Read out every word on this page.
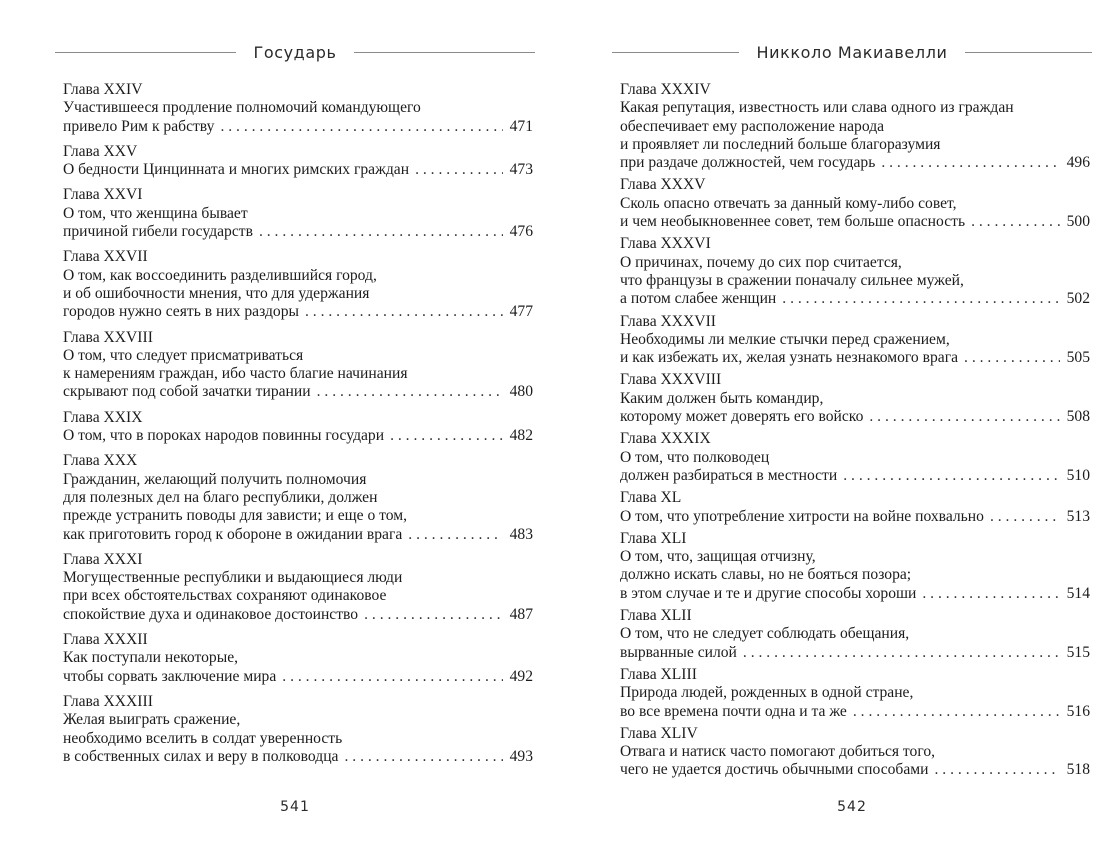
Государь
Глава XXIV
Участившееся продление полномочий командующего
привело Рим к рабству . . .	471
Глава XXV
О бедности Цинцинната и многих римских граждан . . .	473
Глава XXVI
О том, что женщина бывает
причиной гибели государств . . .	476
Глава XXVII
О том, как воссоединить разделившийся город,
и об ошибочности мнения, что для удержания
городов нужно сеять в них раздоры . . .	477
Глава XXVIII
О том, что следует присматриваться
к намерениям граждан, ибо часто благие начинания
скрывают под собой зачатки тирании . . .	480
Глава XXIX
О том, что в пороках народов повинны государи . . .	482
Глава XXX
Гражданин, желающий получить полномочия
для полезных дел на благо республики, должен
прежде устранить поводы для зависти; и еще о том,
как приготовить город к обороне в ожидании врага . . .	483
Глава XXXI
Могущественные республики и выдающиеся люди
при всех обстоятельствах сохраняют одинаковое
спокойствие духа и одинаковое достоинство . . .	487
Глава XXXII
Как поступали некоторые,
чтобы сорвать заключение мира . . .	492
Глава XXXIII
Желая выиграть сражение,
необходимо вселить в солдат уверенность
в собственных силах и веру в полководца . . .	493
541
Никколо Макиавелли
Глава XXXIV
Какая репутация, известность или слава одного из граждан
обеспечивает ему расположение народа
и проявляет ли последний больше благоразумия
при раздаче должностей, чем государь . . .	496
Глава XXXV
Сколь опасно отвечать за данный кому-либо совет,
и чем необыкновеннее совет, тем больше опасность . . .	500
Глава XXXVI
О причинах, почему до сих пор считается,
что французы в сражении поначалу сильнее мужей,
а потом слабее женщин . . .	502
Глава XXXVII
Необходимы ли мелкие стычки перед сражением,
и как избежать их, желая узнать незнакомого врага . . .	505
Глава XXXVIII
Каким должен быть командир,
которому может доверять его войско . . .	508
Глава XXXIX
О том, что полководец
должен разбираться в местности . . .	510
Глава XL
О том, что употребление хитрости на войне похвально . . .	513
Глава XLI
О том, что, защищая отчизну,
должно искать славы, но не бояться позора;
в этом случае и те и другие способы хороши . . .	514
Глава XLII
О том, что не следует соблюдать обещания,
вырванные силой . . .	515
Глава XLIII
Природа людей, рожденных в одной стране,
во все времена почти одна и та же . . .	516
Глава XLIV
Отвага и натиск часто помогают добиться того,
чего не удается достичь обычными способами . . .	518
542
